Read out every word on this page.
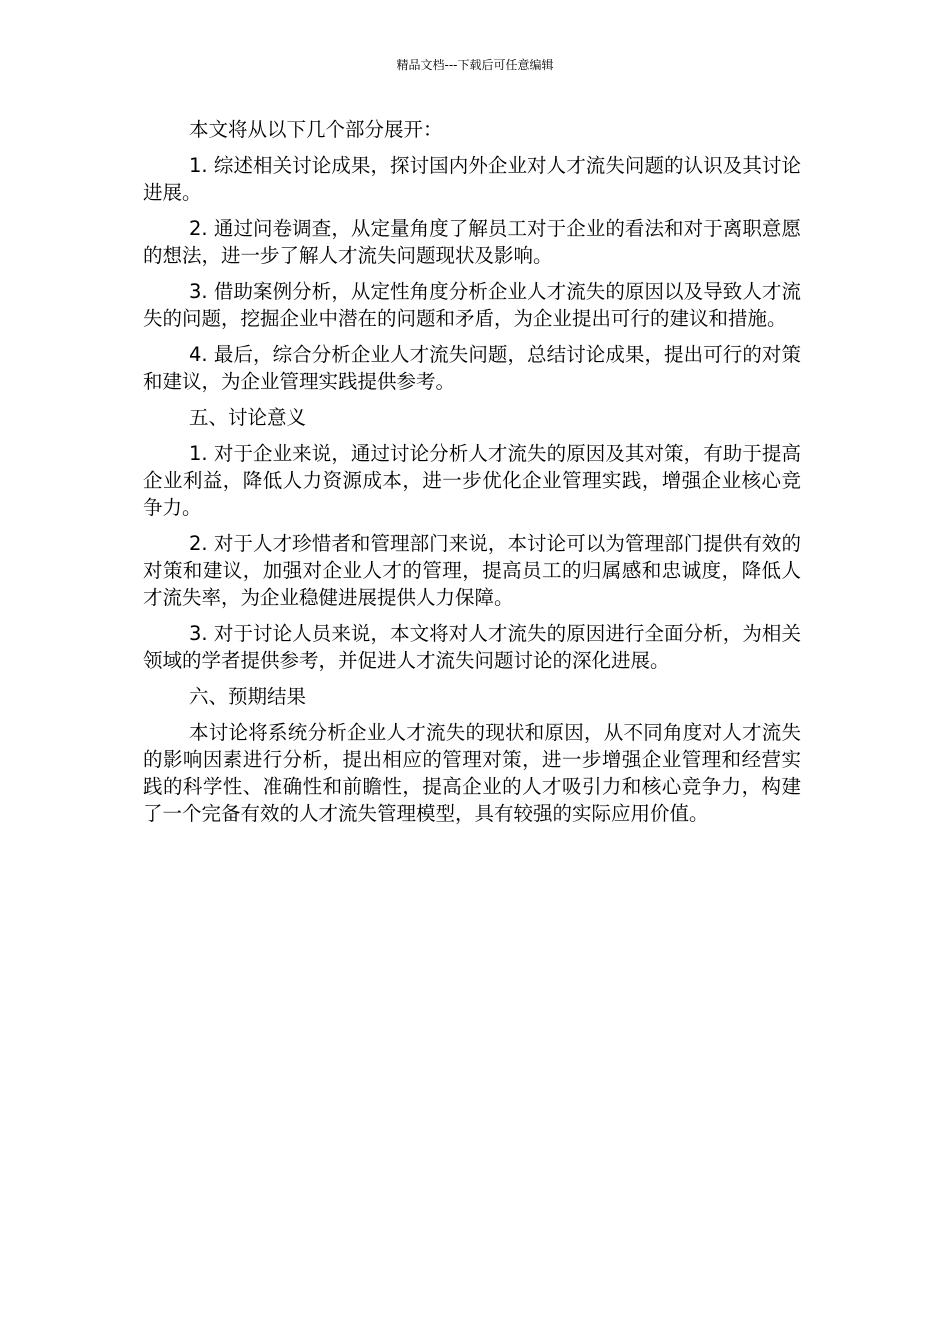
精品文档---下载后可任意编辑

本文将从以下几个部分展开：

1. 综述相关讨论成果，探讨国内外企业对人才流失问题的认识及其讨论进展。

2. 通过问卷调查，从定量角度了解员工对于企业的看法和对于离职意愿的想法，进一步了解人才流失问题现状及影响。

3. 借助案例分析，从定性角度分析企业人才流失的原因以及导致人才流失的问题，挖掘企业中潜在的问题和矛盾，为企业提出可行的建议和措施。

4. 最后，综合分析企业人才流失问题，总结讨论成果，提出可行的对策和建议，为企业管理实践提供参考。

五、讨论意义

1. 对于企业来说，通过讨论分析人才流失的原因及其对策，有助于提高企业利益，降低人力资源成本，进一步优化企业管理实践，增强企业核心竞争力。

2. 对于人才珍惜者和管理部门来说，本讨论可以为管理部门提供有效的对策和建议，加强对企业人才的管理，提高员工的归属感和忠诚度，降低人才流失率，为企业稳健进展提供人力保障。

3. 对于讨论人员来说，本文将对人才流失的原因进行全面分析，为相关领域的学者提供参考，并促进人才流失问题讨论的深化进展。

六、预期结果

本讨论将系统分析企业人才流失的现状和原因，从不同角度对人才流失的影响因素进行分析，提出相应的管理对策，进一步增强企业管理和经营实践的科学性、准确性和前瞻性，提高企业的人才吸引力和核心竞争力，构建了一个完备有效的人才流失管理模型，具有较强的实际应用价值。
